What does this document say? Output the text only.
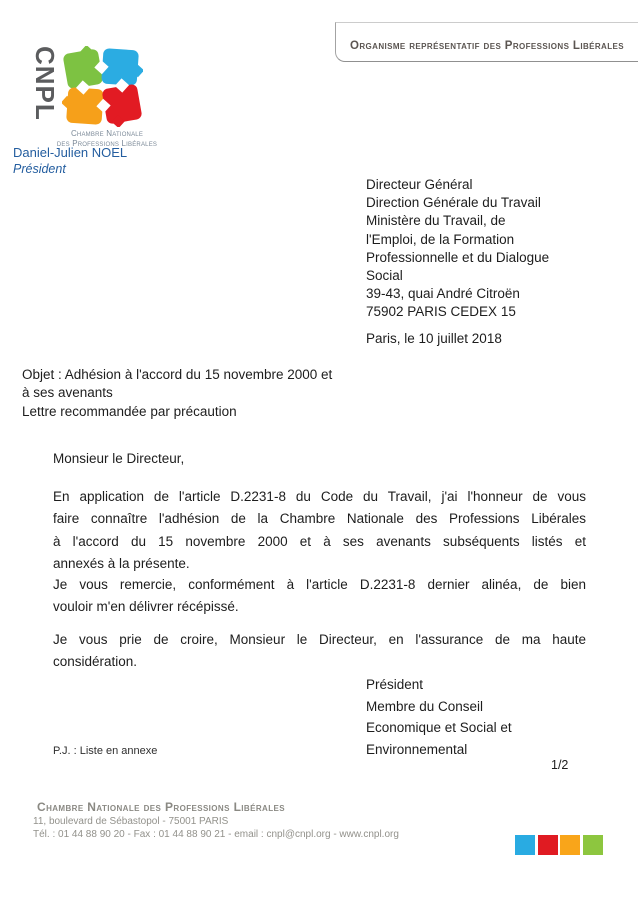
CNPL
Chambre Nationale
des Professions Libérales
Organisme représentatif des Professions Libérales
Daniel-Julien NOEL
Président
Directeur Général
Direction Générale du Travail
Ministère du Travail, de
l'Emploi, de la Formation
Professionnelle et du Dialogue
Social
39-43, quai André Citroën
75902 PARIS CEDEX 15
Paris, le 10 juillet 2018
Objet : Adhésion à l'accord du 15 novembre 2000 et
à ses avenants
Lettre recommandée par précaution
Monsieur le Directeur,
En application de l'article D.2231-8 du Code du Travail, j'ai l'honneur de vous
faire connaître l'adhésion de la Chambre Nationale des Professions Libérales
à l'accord du 15 novembre 2000 et à ses avenants subséquents listés et
annexés à la présente.
Je vous remercie, conformément à l'article D.2231-8 dernier alinéa, de bien
vouloir m'en délivrer récépissé.
Je vous prie de croire, Monsieur le Directeur, en l'assurance de ma haute
considération.
Président
Membre du Conseil
Economique et Social et
Environnemental
P.J. : Liste en annexe
1/2
Chambre Nationale des Professions Libérales
11, boulevard de Sébastopol - 75001 PARIS
Tél. : 01 44 88 90 20 - Fax : 01 44 88 90 21 - email : cnpl@cnpl.org - www.cnpl.org
